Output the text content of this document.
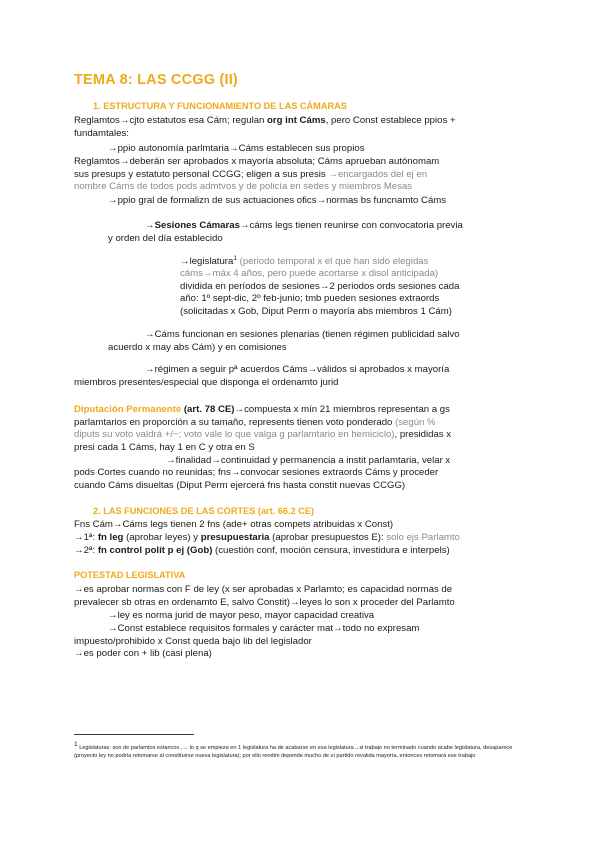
TEMA 8: LAS CCGG (II)
1. ESTRUCTURA Y FUNCIONAMIENTO DE LAS CÁMARAS
Reglamtos→cjto estatutos esa Cám; regulan org int Cáms, pero Const establece ppios +
fundamtales:
→ppio autonomía parlmtaria→Cáms establecen sus propios
Reglamtos→deberán ser aprobados x mayoría absoluta; Cáms aprueban autónomam
sus presups y estatuto personal CCGG; eligen a sus presis →encargados del ej en
nombre Cáms de todos pods admtvos y de policía en sedes y miembros Mesas
→ppio gral de formalizn de sus actuaciones ofics→normas bs funcnamto Cáms
→Sesiones Cámaras→cáms legs tienen reunirse con convocatoria previa
y orden del día establecido
→legislatura$^1$ (periodo temporal x el que han sido elegidas
cáms→máx 4 años, pero puede acortarse x disol anticipada)
dividida en períodos de sesiones→2 periodos ords sesiones cada
año: 1º sept-dic, 2º feb-junio; tmb pueden sesiones extraords
(solicitadas x Gob, Diput Perm o mayoría abs miembros 1 Cám)
→Cáms funcionan en sesiones plenarias (tienen régimen publicidad salvo
acuerdo x may abs Cám) y en comisiones
→régimen a seguir pª acuerdos Cáms→válidos si aprobados x mayoría
miembros presentes/especial que disponga el ordenamto jurid
Diputación Permanente (art. 78 CE)→compuesta x mín 21 miembros representan a gs
parlamtarios en proporción a su tamaño, represents tienen voto ponderado (según %
diputs su voto valdrá +/−; voto vale lo que valga g parlamtario en hemiciclo), presididas x
presi cada 1 Cáms, hay 1 en C y otra en S
→finalidad→continuidad y permanencia a instit parlamtaria, velar x
pods Cortes cuando no reunidas; fns→convocar sesiones extraords Cáms y proceder
cuando Cáms disueltas (Diput Perm ejercerá fns hasta constit nuevas CCGG)
2. LAS FUNCIONES DE LAS CORTES (art. 66.2 CE)
Fns Cám→Cáms legs tienen 2 fns (ade+ otras compets atribuidas x Const)
→1ª: fn leg (aprobar leyes) y presupuestaria (aprobar presupuestos E): solo ejs Parlamto
→2ª: fn control polít p ej (Gob) (cuestión conf, moción censura, investidura e interpels)
POTESTAD LEGISLATIVA
→es aprobar normas con F de ley (x ser aprobadas x Parlamto; es capacidad normas de
prevalecer sb otras en ordenamto E, salvo Constit)→leyes lo son x proceder del Parlamto
→ley es norma jurid de mayor peso, mayor capacidad creativa
→Const establece requisitos formales y carácter mat→todo no expresam
impuesto/prohibido x Const queda bajo lib del legislador
→es poder con + lib (casi plena)
1 Legislaturas: son de parlamtos estancos ,→ lo q se empieza en 1 legislatura ha de acabarse en esa legislatura→si trabajo no terminado cuando acabe legislatura, desaparece (proyecto ley no podría retomarse al constituirse nueva legislatura); por ello rendim depende mucho de sí partido revalida mayoría, entonces retomará ese trabajo
